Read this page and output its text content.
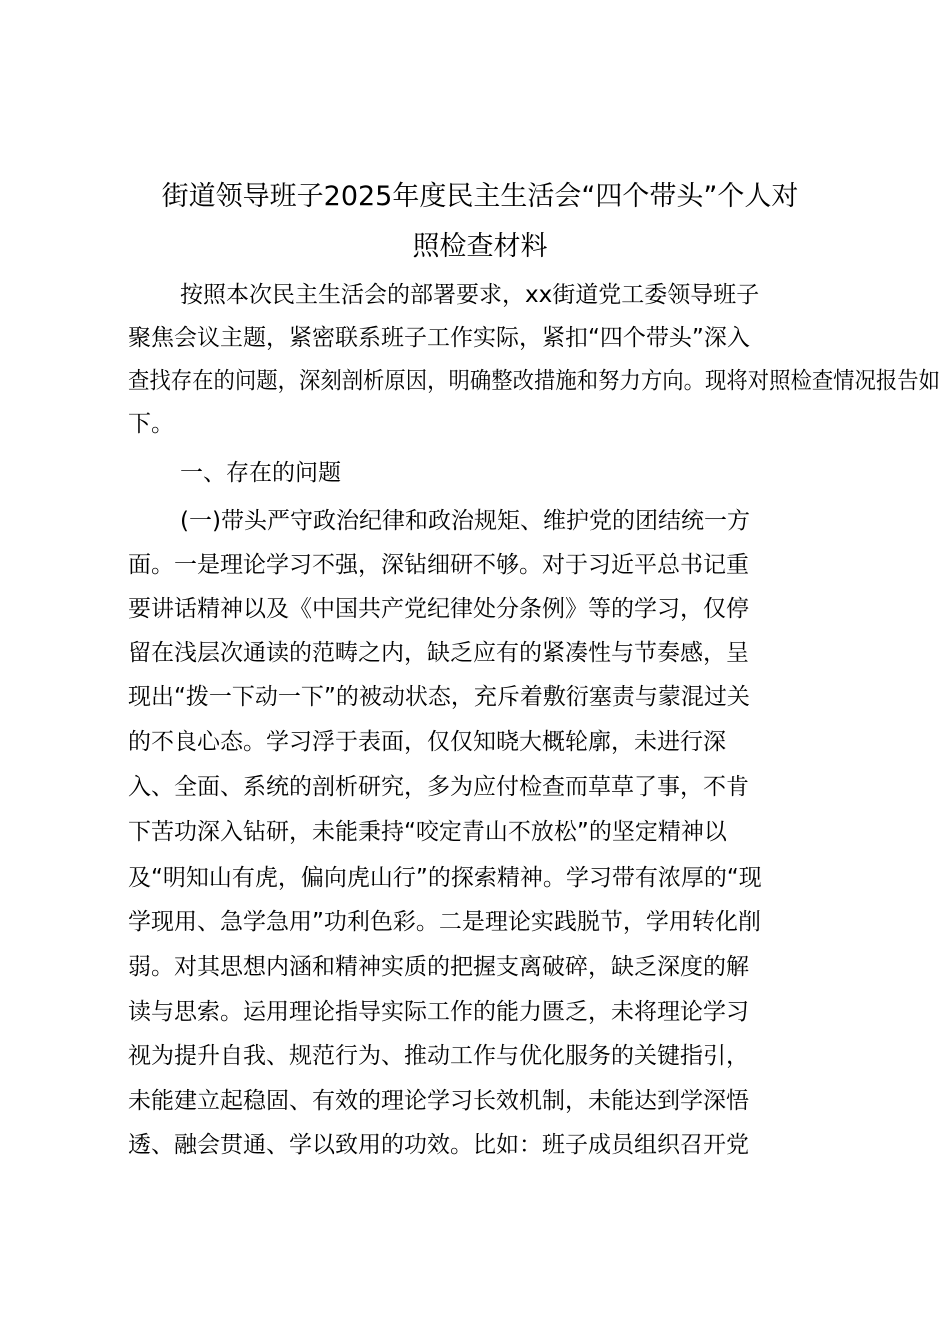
街道领导班子2025年度民主生活会“四个带头”个人对
照检查材料
按照本次民主生活会的部署要求，xx街道党工委领导班子
聚焦会议主题，紧密联系班子工作实际，紧扣“四个带头”深入
查找存在的问题，深刻剖析原因，明确整改措施和努力方向。现将对照检查情况报告如
下。
一、存在的问题
(一)带头严守政治纪律和政治规矩、维护党的团结统一方
面。一是理论学习不强，深钻细研不够。对于习近平总书记重
要讲话精神以及《中国共产党纪律处分条例》等的学习，仅停
留在浅层次通读的范畴之内，缺乏应有的紧凑性与节奏感，呈
现出“拨一下动一下”的被动状态，充斥着敷衍塞责与蒙混过关
的不良心态。学习浮于表面，仅仅知晓大概轮廓，未进行深
入、全面、系统的剖析研究，多为应付检查而草草了事，不肯
下苦功深入钻研，未能秉持“咬定青山不放松”的坚定精神以
及“明知山有虎，偏向虎山行”的探索精神。学习带有浓厚的“现
学现用、急学急用”功利色彩。二是理论实践脱节，学用转化削
弱。对其思想内涵和精神实质的把握支离破碎，缺乏深度的解
读与思索。运用理论指导实际工作的能力匮乏，未将理论学习
视为提升自我、规范行为、推动工作与优化服务的关键指引，
未能建立起稳固、有效的理论学习长效机制，未能达到学深悟
透、融会贯通、学以致用的功效。比如：班子成员组织召开党
